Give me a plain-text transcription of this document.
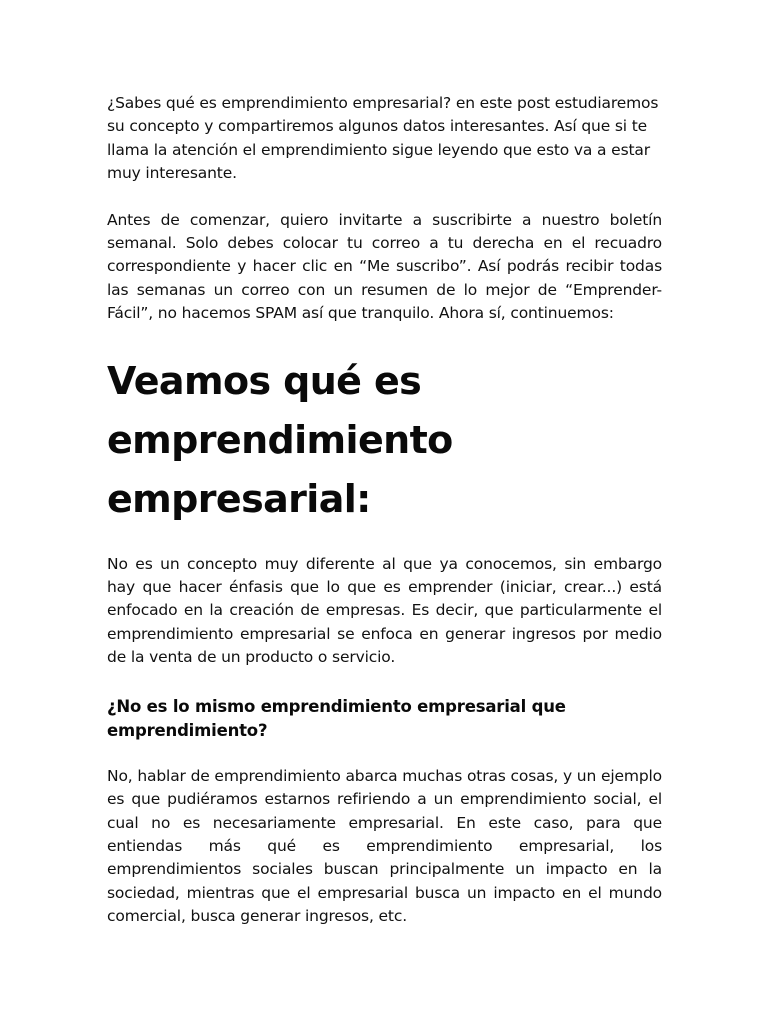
¿Sabes qué es emprendimiento empresarial? en este post estudiaremos su concepto y compartiremos algunos datos interesantes. Así que si te llama la atención el emprendimiento sigue leyendo que esto va a estar muy interesante.

Antes de comenzar, quiero invitarte a suscribirte a nuestro boletín semanal. Solo debes colocar tu correo a tu derecha en el recuadro correspondiente y hacer clic en “Me suscribo”. Así podrás recibir todas las semanas un correo con un resumen de lo mejor de “Emprender-Fácil”, no hacemos SPAM así que tranquilo. Ahora sí, continuemos:

Veamos qué es emprendimiento empresarial:

No es un concepto muy diferente al que ya conocemos, sin embargo hay que hacer énfasis que lo que es emprender (iniciar, crear...) está enfocado en la creación de empresas. Es decir, que particularmente el emprendimiento empresarial se enfoca en generar ingresos por medio de la venta de un producto o servicio.

¿No es lo mismo emprendimiento empresarial que emprendimiento?

No, hablar de emprendimiento abarca muchas otras cosas, y un ejemplo es que pudiéramos estarnos refiriendo a un emprendimiento social, el cual no es necesariamente empresarial. En este caso, para que entiendas más qué es emprendimiento empresarial, los emprendimientos sociales buscan principalmente un impacto en la sociedad, mientras que el empresarial busca un impacto en el mundo comercial, busca generar ingresos, etc.
